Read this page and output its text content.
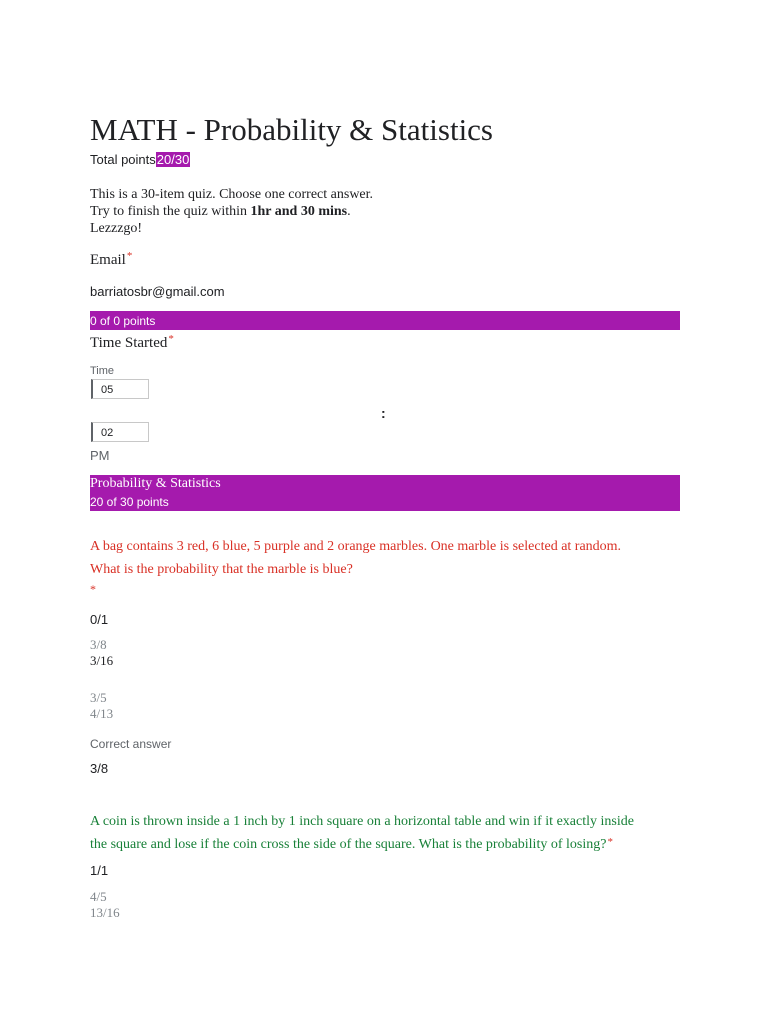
MATH - Probability & Statistics
Total points20/30
This is a 30-item quiz. Choose one correct answer.
Try to finish the quiz within 1hr and 30 mins.
Lezzzgo!
Email*
barriatosbr@gmail.com
0 of 0 points
Time Started*
Time
05
:
02
PM
Probability & Statistics
20 of 30 points
A bag contains 3 red, 6 blue, 5 purple and 2 orange marbles. One marble is selected at random.
What is the probability that the marble is blue?
*
0/1
3/8
3/16
3/5
4/13
Correct answer
3/8
A coin is thrown inside a 1 inch by 1 inch square on a horizontal table and win if it exactly inside
the square and lose if the coin cross the side of the square. What is the probability of losing?*
1/1
4/5
13/16
